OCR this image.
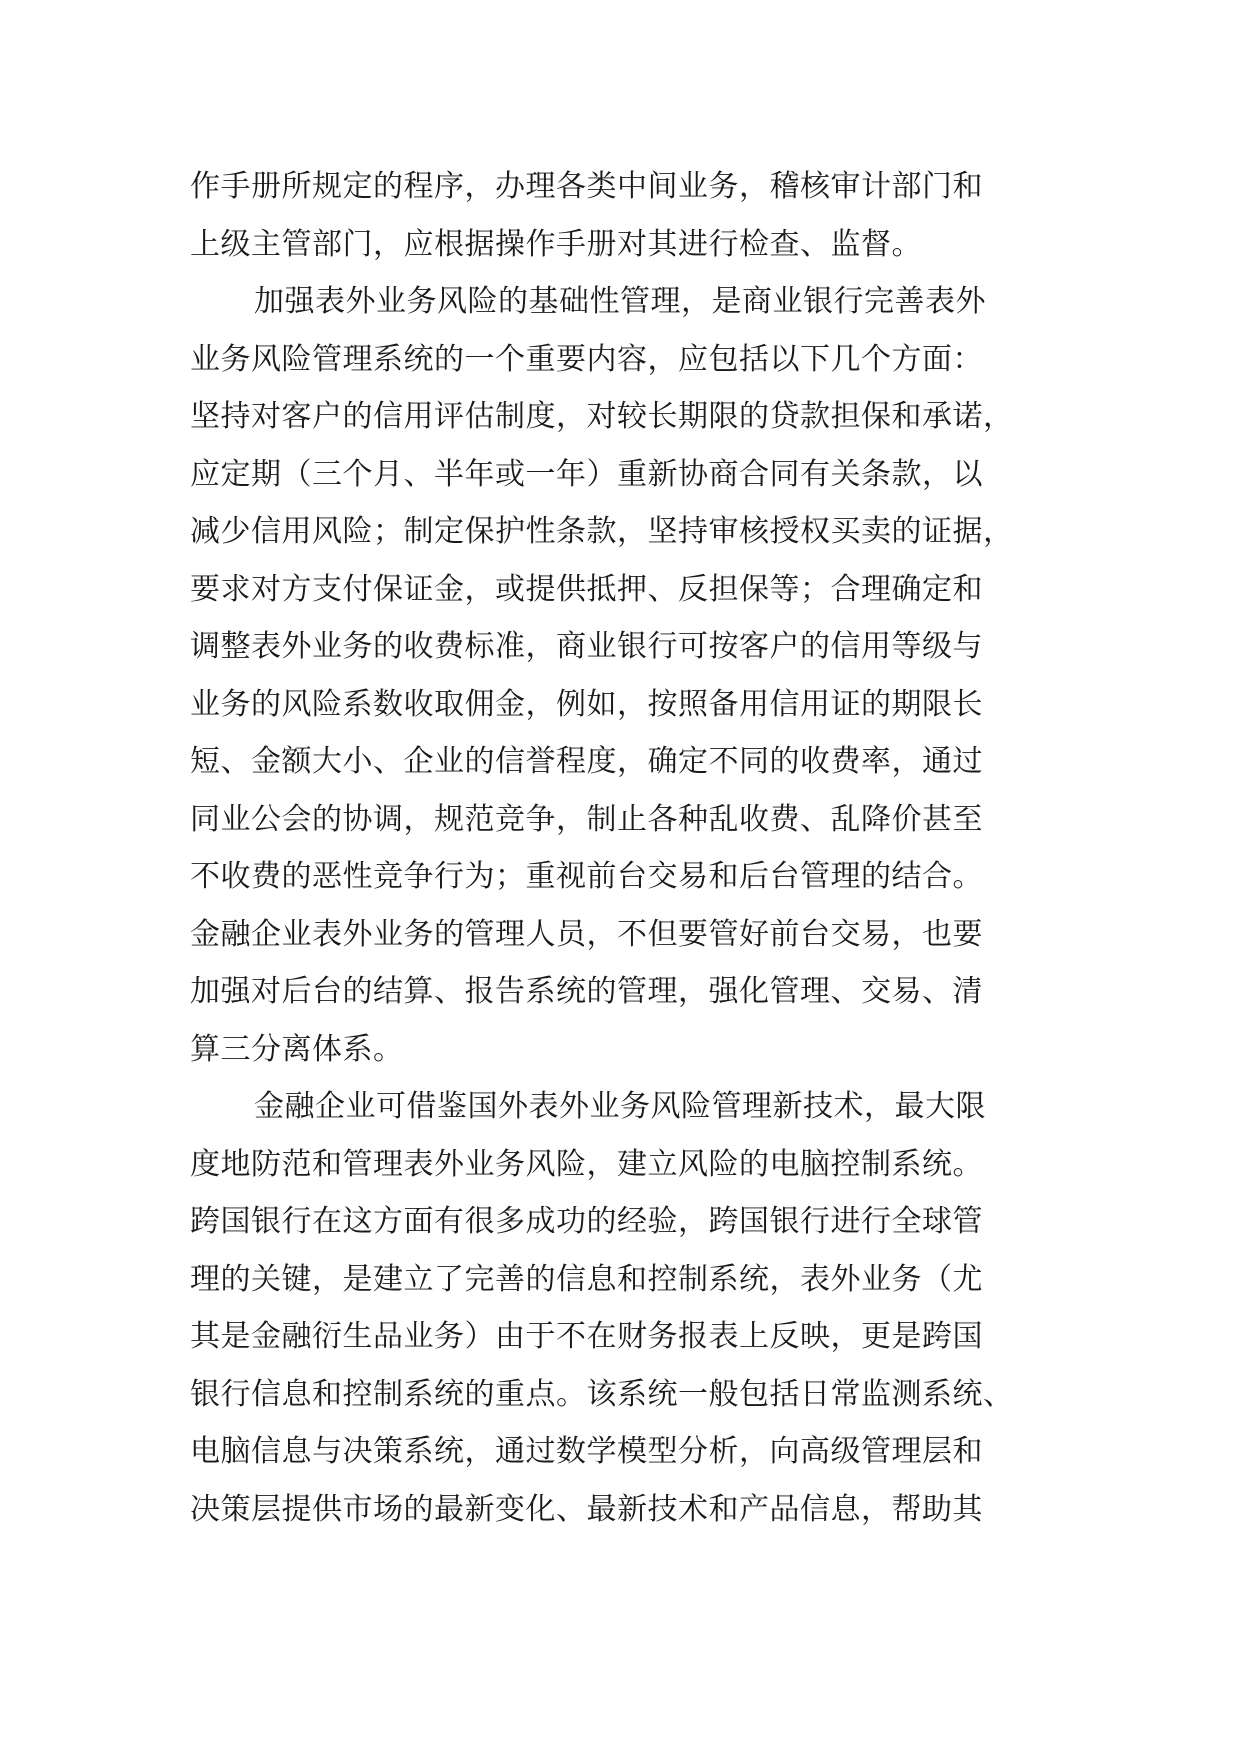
作手册所规定的程序，办理各类中间业务，稽核审计部门和
上级主管部门，应根据操作手册对其进行检查、监督。
加强表外业务风险的基础性管理，是商业银行完善表外
业务风险管理系统的一个重要内容，应包括以下几个方面：
坚持对客户的信用评估制度，对较长期限的贷款担保和承诺，
应定期（三个月、半年或一年）重新协商合同有关条款，以
减少信用风险；制定保护性条款，坚持审核授权买卖的证据，
要求对方支付保证金，或提供抵押、反担保等；合理确定和
调整表外业务的收费标准，商业银行可按客户的信用等级与
业务的风险系数收取佣金，例如，按照备用信用证的期限长
短、金额大小、企业的信誉程度，确定不同的收费率，通过
同业公会的协调，规范竞争，制止各种乱收费、乱降价甚至
不收费的恶性竞争行为；重视前台交易和后台管理的结合。
金融企业表外业务的管理人员，不但要管好前台交易，也要
加强对后台的结算、报告系统的管理，强化管理、交易、清
算三分离体系。
金融企业可借鉴国外表外业务风险管理新技术，最大限
度地防范和管理表外业务风险，建立风险的电脑控制系统。
跨国银行在这方面有很多成功的经验，跨国银行进行全球管
理的关键，是建立了完善的信息和控制系统，表外业务（尤
其是金融衍生品业务）由于不在财务报表上反映，更是跨国
银行信息和控制系统的重点。该系统一般包括日常监测系统、
电脑信息与决策系统，通过数学模型分析，向高级管理层和
决策层提供市场的最新变化、最新技术和产品信息，帮助其
